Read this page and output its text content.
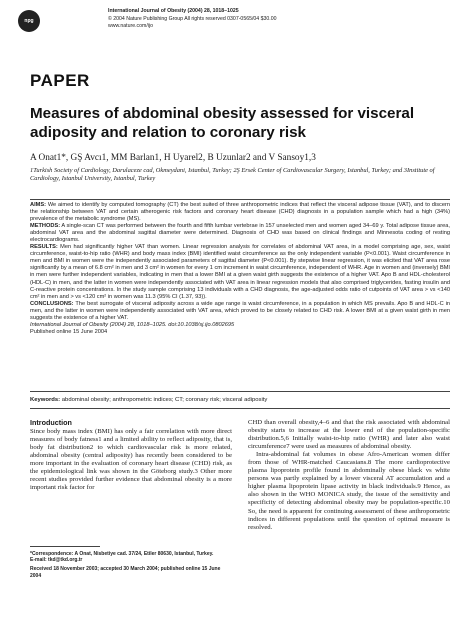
npg
International Journal of Obesity (2004) 28, 1018–1025
© 2004 Nature Publishing Group All rights reserved 0307-0565/04 $30.00
www.nature.com/ijo
PAPER
Measures of abdominal obesity assessed for visceral adiposity and relation to coronary risk
A Onat1*, GŞ Avcı1, MM Barlan1, H Uyarel2, B Uzunlar2 and V Sansoy1,3
1Turkish Society of Cardiology, Darulaceze cad, Okmeydani, Istanbul, Turkey; 2Ş Ersek Center of Cardiovascular Surgery, Istanbul, Turkey; and 3Institute of Cardiology, Istanbul University, Istanbul, Turkey

AIMS: We aimed to identify by computed tomography (CT) the best suited of three anthropometric indices that reflect the visceral adipose tissue (VAT), and to discern the relationship between VAT and certain atherogenic risk factors and coronary heart disease (CHD) diagnosis in a population sample which had a high (34%) prevalence of the metabolic syndrome (MS).

METHODS: A single-scan CT was performed between the fourth and fifth lumbar vertebrae in 157 unselected men and women aged 34–69 y. Total adipose tissue area, abdominal VAT area and the abdominal sagittal diameter were determined. Diagnosis of CHD was based on clinical findings and Minnesota coding of resting electrocardiograms.

RESULTS: Men had significantly higher VAT than women. Linear regression analysis for correlates of abdominal VAT area, in a model comprising age, sex, waist circumference, waist-to-hip ratio (WHR) and body mass index (BMI) identified waist circumference as the only independent variable (P<0.001). Waist circumference in men and BMI in women were the independently associated parameters of sagittal diameter (P<0.001). By stepwise linear regression, it was elicited that VAT area rose significantly by a mean of 6.8 cm² in men and 3 cm² in women for every 1 cm increment in waist circumference, independent of WHR. Age in women and (inversely) BMI in men were further independent variables, indicating in men that a lower BMI at a given waist girth suggests the existence of a higher VAT. Apo B and HDL-cholesterol (HDL-C) in men, and the latter in women were independently associated with VAT area in linear regression models that also comprised triglycerides, fasting insulin and C-reactive protein concentrations. In the study sample comprising 13 individuals with a CHD diagnosis, the age-adjusted odds ratio of cutpoints of VAT area > vs <140 cm² in men and > vs <120 cm² in women was 11.3 (95% CI (1.37, 93)).

CONCLUSIONS: The best surrogate of visceral adiposity across a wide age range is waist circumference, in a population in which MS prevails. Apo B and HDL-C in men, and the latter in women were independently associated with VAT area, which proved to be closely related to CHD risk. A lower BMI at a given waist girth in men suggests the existence of a higher VAT.

International Journal of Obesity (2004) 28, 1018–1025. doi:10.1038/sj.ijo.0802695

Published online 15 June 2004

Keywords: abdominal obesity; anthropometric indices; CT; coronary risk; visceral adiposity
Introduction

Since body mass index (BMI) has only a fair correlation with more direct measures of body fatness1 and a limited ability to reflect adiposity, that is, body fat distribution2 to which cardiovascular risk is more related, abdominal obesity (central adiposity) has recently been considered to be more important in the evaluation of coronary heart disease (CHD) risk, as the epidemiological link was shown in the Göteborg study.3 Other more recent studies provided further evidence that abdominal obesity is a more important risk factor for

CHD than overall obesity,4–6 and that the risk associated with abdominal obesity starts to increase at the lower end of the population-specific distribution.5,6 Initially waist-to-hip ratio (WHR) and later also waist circumference7 were used as measures of abdominal obesity.

Intra-abdominal fat volumes in obese Afro-American women differ from those of WHR-matched Caucasians.8 The more cardioprotective plasma lipoprotein profile found in abdominally obese black vs white persons was partly explained by a lower visceral AT accumulation and a higher plasma lipoprotein lipase activity in black individuals.9 Hence, as also shown in the WHO MONICA study, the issue of the sensitivity and specificity of detecting abdominal obesity may be population-specific.10 So, the need is apparent for continuing assessment of these anthropometric indices in different populations until the question of optimal measure is resolved.

*Correspondence: A Onat, Nisbetiye cad. 37/24, Etiler 80630, Istanbul, Turkey.

E-mail: tkd@tkd.org.tr

Received 18 November 2003; accepted 30 March 2004; published online 15 June 2004
